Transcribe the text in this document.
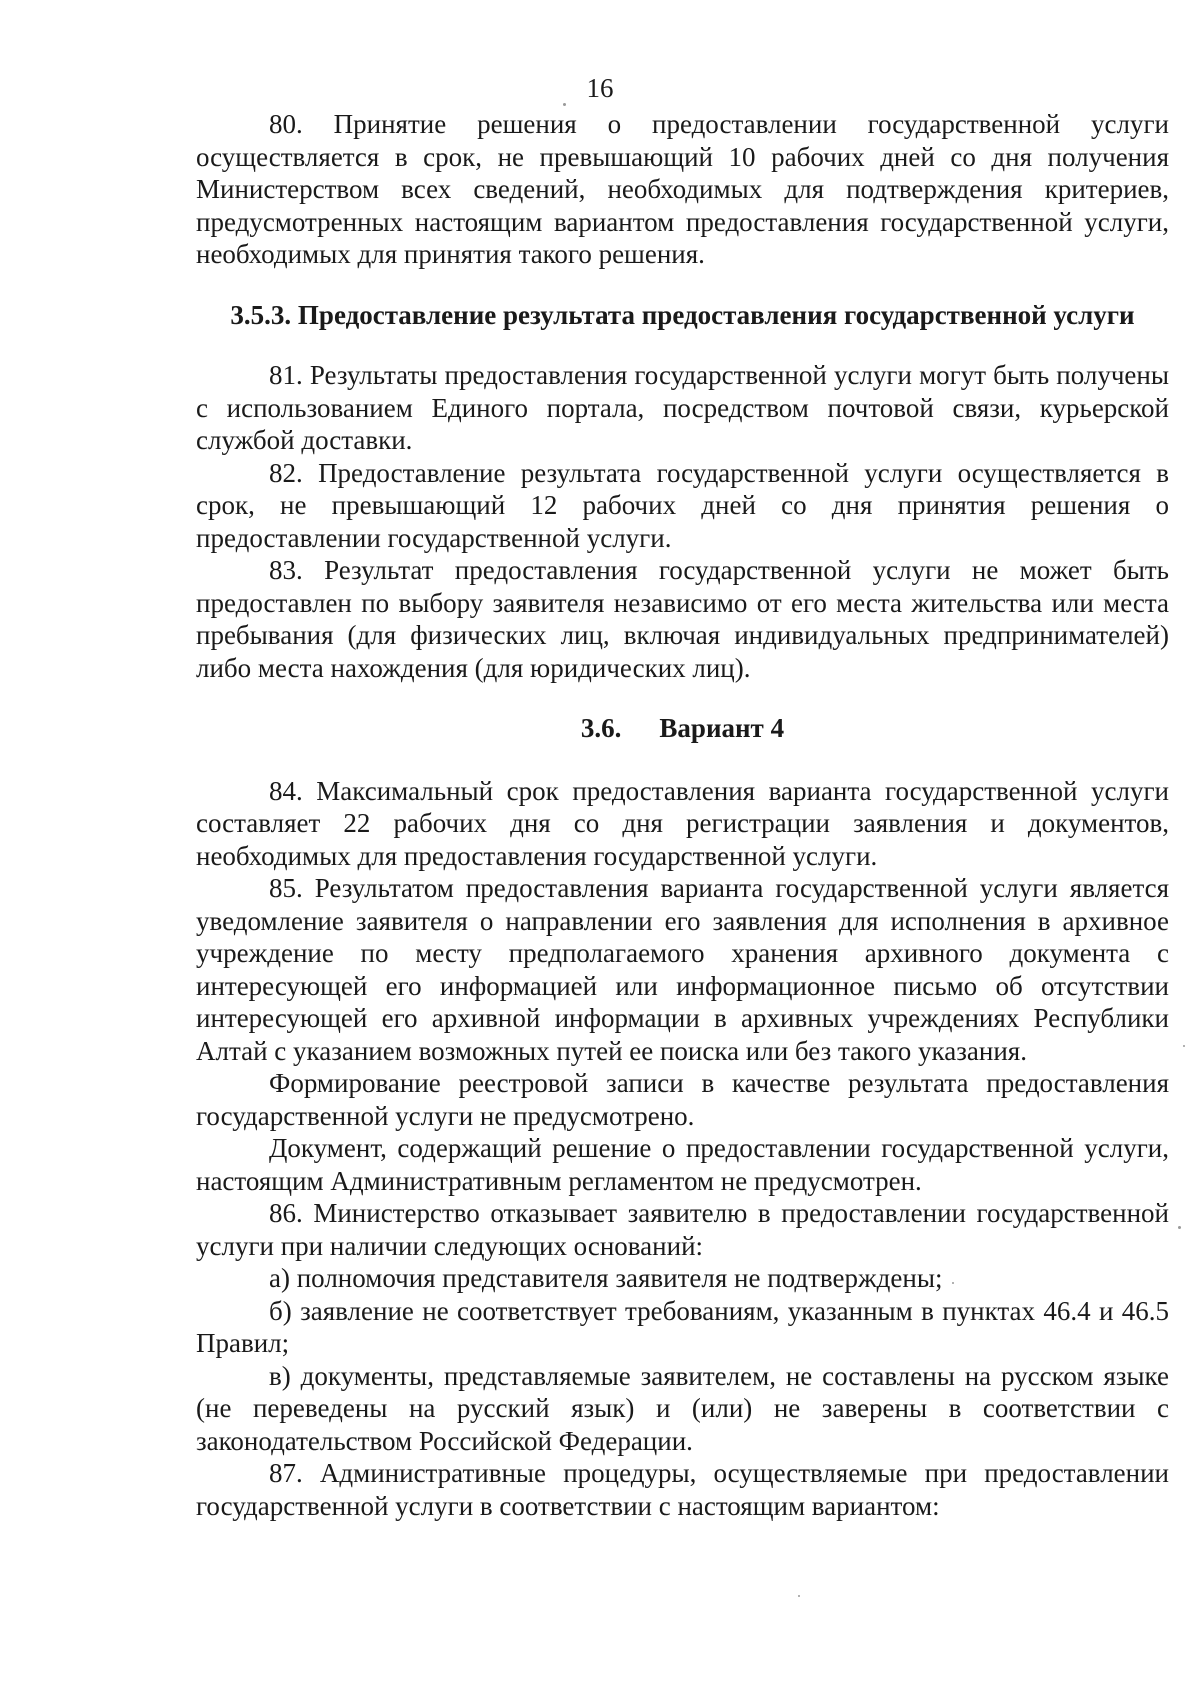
16

80. Принятие решения о предоставлении государственной услуги осуществляется в срок, не превышающий 10 рабочих дней со дня получения Министерством всех сведений, необходимых для подтверждения критериев, предусмотренных настоящим вариантом предоставления государственной услуги, необходимых для принятия такого решения.

3.5.3. Предоставление результата предоставления государственной услуги

81. Результаты предоставления государственной услуги могут быть получены с использованием Единого портала, посредством почтовой связи, курьерской службой доставки.

82. Предоставление результата государственной услуги осуществляется в срок, не превышающий 12 рабочих дней со дня принятия решения о предоставлении государственной услуги.

83. Результат предоставления государственной услуги не может быть предоставлен по выбору заявителя независимо от его места жительства или места пребывания (для физических лиц, включая индивидуальных предпринимателей) либо места нахождения (для юридических лиц).

3.6. Вариант 4

84. Максимальный срок предоставления варианта государственной услуги составляет 22 рабочих дня со дня регистрации заявления и документов, необходимых для предоставления государственной услуги.

85. Результатом предоставления варианта государственной услуги является уведомление заявителя о направлении его заявления для исполнения в архивное учреждение по месту предполагаемого хранения архивного документа с интересующей его информацией или информационное письмо об отсутствии интересующей его архивной информации в архивных учреждениях Республики Алтай с указанием возможных путей ее поиска или без такого указания.

Формирование реестровой записи в качестве результата предоставления государственной услуги не предусмотрено.

Документ, содержащий решение о предоставлении государственной услуги, настоящим Административным регламентом не предусмотрен.

86. Министерство отказывает заявителю в предоставлении государственной услуги при наличии следующих оснований:

а) полномочия представителя заявителя не подтверждены;

б) заявление не соответствует требованиям, указанным в пунктах 46.4 и 46.5 Правил;

в) документы, представляемые заявителем, не составлены на русском языке (не переведены на русский язык) и (или) не заверены в соответствии с законодательством Российской Федерации.

87. Административные процедуры, осуществляемые при предоставлении государственной услуги в соответствии с настоящим вариантом:
